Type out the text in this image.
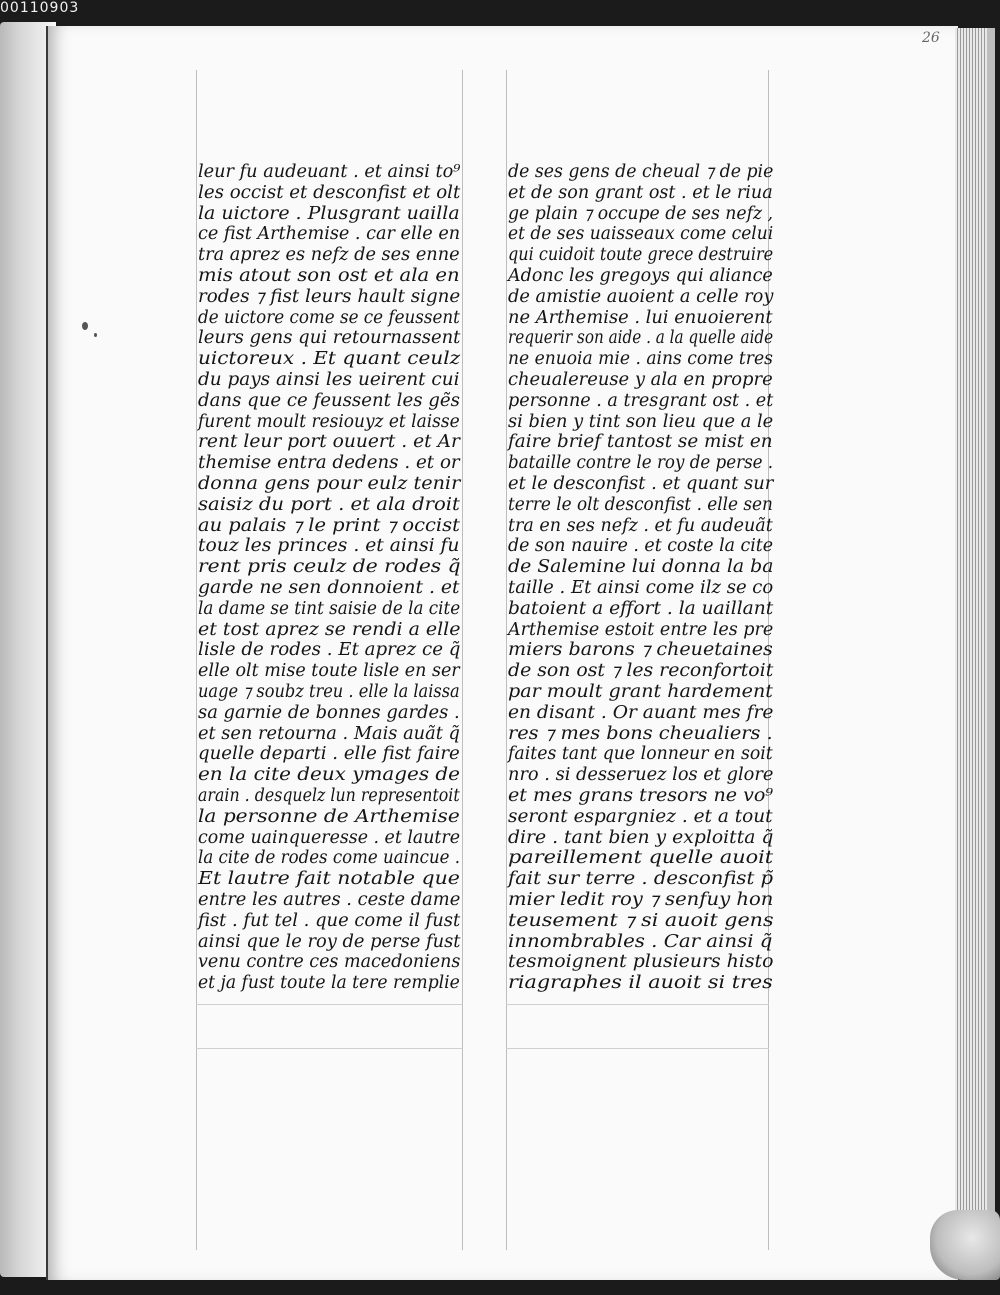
00110903
26
leur fu audeuant . et ainsi to⁹
les occist et desconfist et olt
la uictore . Plusgrant uailla
ce fist Arthemise . car elle en
tra aprez es nefz de ses enne
mis atout son ost et ala en
rodes ⁊ fist leurs hault signe
de uictore come se ce feussent
leurs gens qui retournassent
uictoreux . Et quant ceulz
du pays ainsi les ueirent cui
dans que ce feussent les gẽs
furent moult resiouyz et laisse
rent leur port ouuert . et Ar
themise entra dedens . et or
donna gens pour eulz tenir
saisiz du port . et ala droit
au palais ⁊ le print ⁊ occist
touz les princes . et ainsi fu
rent pris ceulz de rodes q̃
garde ne sen donnoient . et
la dame se tint saisie de la cite
et tost aprez se rendi a elle
lisle de rodes . Et aprez ce q̃
elle olt mise toute lisle en ser
uage ⁊ soubz treu . elle la laissa
sa garnie de bonnes gardes .
et sen retourna . Mais auãt q̃
quelle departi . elle fist faire
en la cite deux ymages de
arain . desquelz lun representoit
la personne de Arthemise
come uainqueresse . et lautre
la cite de rodes come uaincue .
Et lautre fait notable que
entre les autres . ceste dame
fist . fut tel . que come il fust
ainsi que le roy de perse fust
venu contre ces macedoniens
et ja fust toute la tere remplie
de ses gens de cheual ⁊ de pie
et de son grant ost . et le riua
ge plain ⁊ occupe de ses nefz ,
et de ses uaisseaux come celui
qui cuidoit toute grece destruire
Adonc les gregoys qui aliance
de amistie auoient a celle roy
ne Arthemise . lui enuoierent
requerir son aide . a la quelle aide
ne enuoia mie . ains come tres
cheualereuse y ala en propre
personne . a tresgrant ost . et
si bien y tint son lieu que a le
faire brief tantost se mist en
bataille contre le roy de perse .
et le desconfist . et quant sur
terre le olt desconfist . elle sen
tra en ses nefz . et fu audeuãt
de son nauire . et coste la cite
de Salemine lui donna la ba
taille . Et ainsi come ilz se co
batoient a effort . la uaillant
Arthemise estoit entre les pre
miers barons ⁊ cheuetaines
de son ost ⁊ les reconfortoit
par moult grant hardement
en disant . Or auant mes fre
res ⁊ mes bons cheualiers .
faites tant que lonneur en soit
nro . si desseruez los et glore
et mes grans tresors ne vo⁹
seront espargniez . et a tout
dire . tant bien y exploitta q̃
pareillement quelle auoit
fait sur terre . desconfist p̃
mier ledit roy ⁊ senfuy hon
teusement ⁊ si auoit gens
innombrables . Car ainsi q̃
tesmoignent plusieurs histo
riagraphes il auoit si tres
